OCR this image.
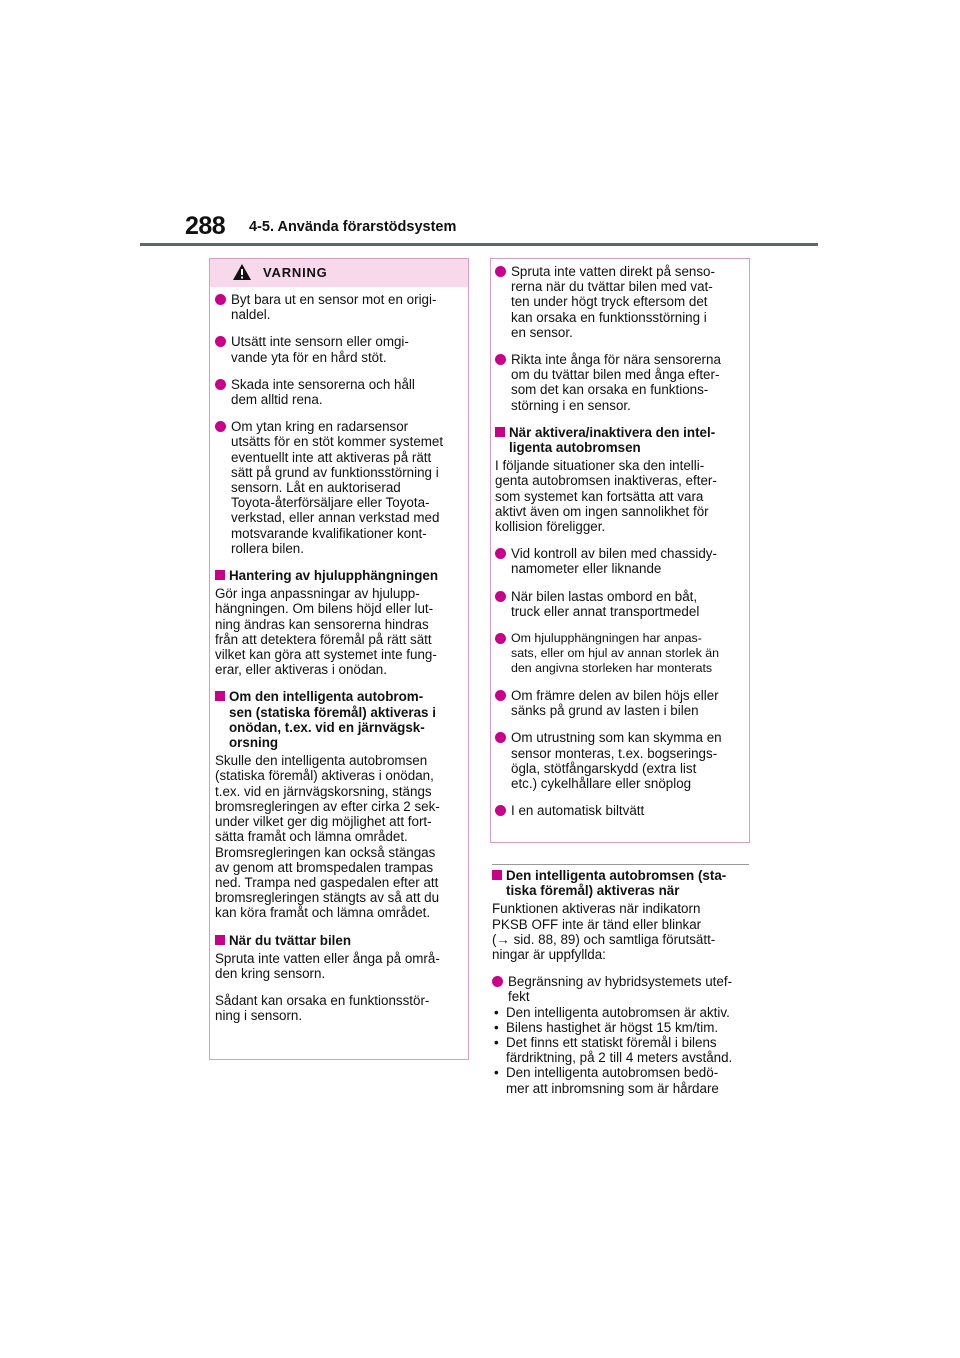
288 4-5. Använda förarstödsystem
VARNING
Byt bara ut en sensor mot en origi-
naldel.
Utsätt inte sensorn eller omgi-
vande yta för en hård stöt.
Skada inte sensorerna och håll
dem alltid rena.
Om ytan kring en radarsensor
utsätts för en stöt kommer systemet
eventuellt inte att aktiveras på rätt
sätt på grund av funktionsstörning i
sensorn. Låt en auktoriserad
Toyota-återförsäljare eller Toyota-
verkstad, eller annan verkstad med
motsvarande kvalifikationer kont-
rollera bilen.
Hantering av hjulupphängningen
Gör inga anpassningar av hjulupp-
hängningen. Om bilens höjd eller lut-
ning ändras kan sensorerna hindras
från att detektera föremål på rätt sätt
vilket kan göra att systemet inte fung-
erar, eller aktiveras i onödan.
Om den intelligenta autobrom-
sen (statiska föremål) aktiveras i
onödan, t.ex. vid en järnvägsk-
orsning
Skulle den intelligenta autobromsen
(statiska föremål) aktiveras i onödan,
t.ex. vid en järnvägskorsning, stängs
bromsregleringen av efter cirka 2 sek-
under vilket ger dig möjlighet att fort-
sätta framåt och lämna området.
Bromsregleringen kan också stängas
av genom att bromspedalen trampas
ned. Trampa ned gaspedalen efter att
bromsregleringen stängts av så att du
kan köra framåt och lämna området.
När du tvättar bilen
Spruta inte vatten eller ånga på områ-
den kring sensorn.
Sådant kan orsaka en funktionsstör-
ning i sensorn.
Spruta inte vatten direkt på senso-
rerna när du tvättar bilen med vat-
ten under högt tryck eftersom det
kan orsaka en funktionsstörning i
en sensor.
Rikta inte ånga för nära sensorerna
om du tvättar bilen med ånga efter-
som det kan orsaka en funktions-
störning i en sensor.
När aktivera/inaktivera den intel-
ligenta autobromsen
I följande situationer ska den intelli-
genta autobromsen inaktiveras, efter-
som systemet kan fortsätta att vara
aktivt även om ingen sannolikhet för
kollision föreligger.
Vid kontroll av bilen med chassidy-
namometer eller liknande
När bilen lastas ombord en båt,
truck eller annat transportmedel
Om hjulupphängningen har anpas-
sats, eller om hjul av annan storlek än
den angivna storleken har monterats
Om främre delen av bilen höjs eller
sänks på grund av lasten i bilen
Om utrustning som kan skymma en
sensor monteras, t.ex. bogserings-
ögla, stötfångarskydd (extra list
etc.) cykelhållare eller snöplog
I en automatisk biltvätt
Den intelligenta autobromsen (sta-
tiska föremål) aktiveras när
Funktionen aktiveras när indikatorn
PKSB OFF inte är tänd eller blinkar
(→ sid. 88, 89) och samtliga förutsätt-
ningar är uppfyllda:
Begränsning av hybridsystemets utef-
fekt
• Den intelligenta autobromsen är aktiv.
• Bilens hastighet är högst 15 km/tim.
• Det finns ett statiskt föremål i bilens
färdriktning, på 2 till 4 meters avstånd.
• Den intelligenta autobromsen bedö-
mer att inbromsning som är hårdare
